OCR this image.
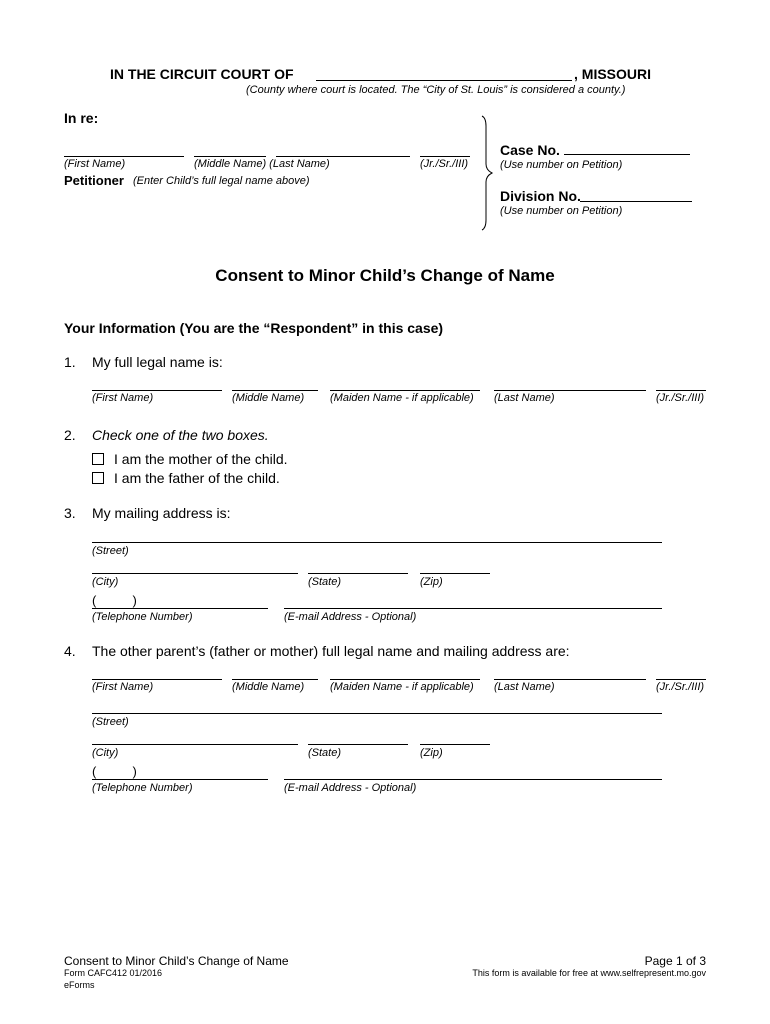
IN THE CIRCUIT COURT OF	, MISSOURI
(County where court is located. The “City of St. Louis” is considered a county.)
In re:
(First Name)	(Middle Name) (Last Name)	(Jr./Sr./III)
Petitioner (Enter Child’s full legal name above)
Case No.
(Use number on Petition)
Division No.
(Use number on Petition)
Consent to Minor Child’s Change of Name
Your Information (You are the “Respondent” in this case)
1. My full legal name is:
(First Name)	(Middle Name) (Maiden Name - if applicable) (Last Name)	(Jr./Sr./III)
2. Check one of the two boxes.
I am the mother of the child.
I am the father of the child.
3. My mailing address is:
(Street)
(City)	(State)	(Zip)
(          )
(Telephone Number)	(E-mail Address - Optional)
4. The other parent’s (father or mother) full legal name and mailing address are:
(First Name)	(Middle Name) (Maiden Name - if applicable) (Last Name)	(Jr./Sr./III)
(Street)
(City)	(State)	(Zip)
(          )
(Telephone Number)	(E-mail Address - Optional)
Consent to Minor Child’s Change of Name
Form CAFC412 01/2016
eForms
Page 1 of 3
This form is available for free at www.selfrepresent.mo.gov
